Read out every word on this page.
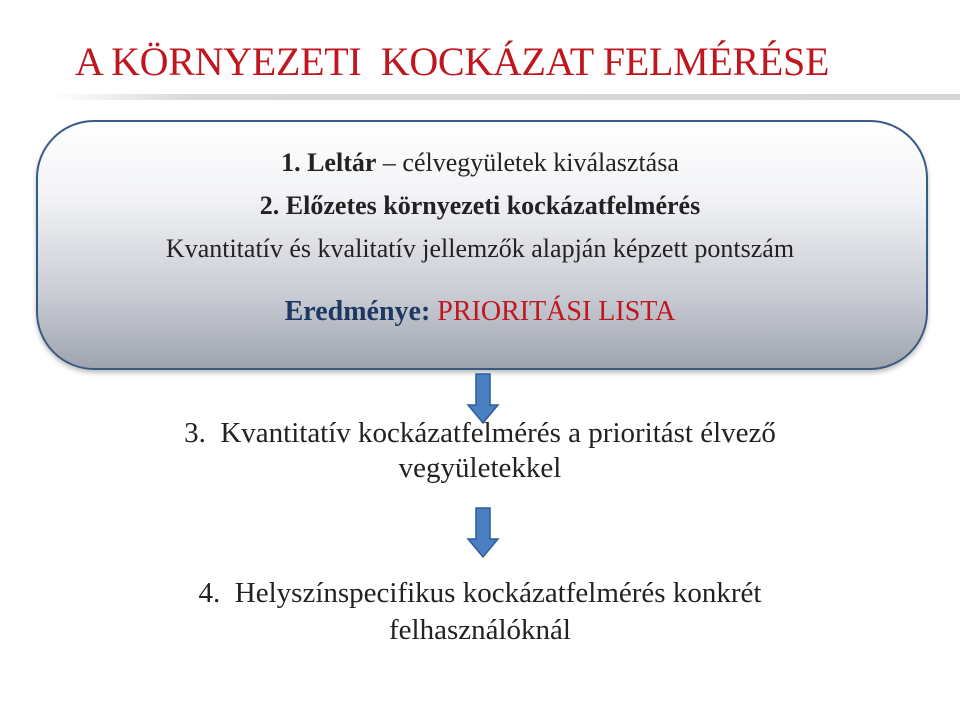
A KÖRNYEZETI  KOCKÁZAT FELMÉRÉSE
1. Leltár – célvegyületek kiválasztása
2. Előzetes környezeti kockázatfelmérés
Kvantitatív és kvalitatív jellemzők alapján képzett pontszám
Eredménye: PRIORITÁSI LISTA
3.  Kvantitatív kockázatfelmérés a prioritást élvező
vegyületekkel
4.  Helyszínspecifikus kockázatfelmérés konkrét
felhasználóknál
